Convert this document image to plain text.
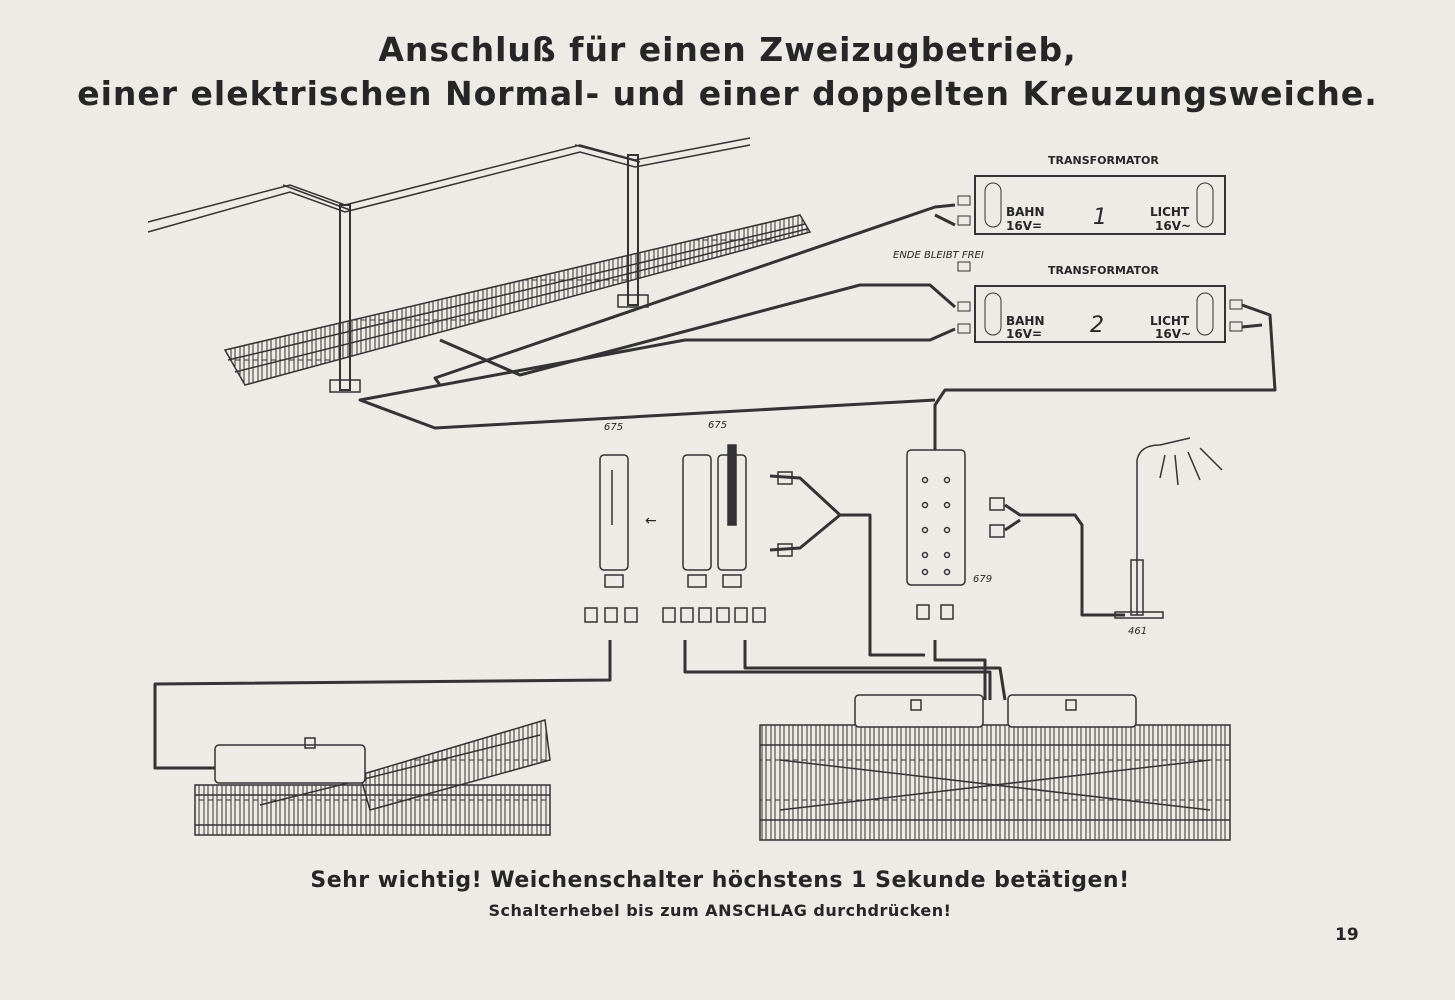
Anschluß für einen Zweizugbetrieb,
einer elektrischen Normal- und einer doppelten Kreuzungsweiche.
TRANSFORMATOR
BAHN
16V= 1	LICHT
16V~
ENDE BLEIBT FREI
TRANSFORMATOR
BAHN
16V= 2	LICHT
16V~
675
←
675
679
461
Sehr wichtig! Weichenschalter höchstens 1 Sekunde betätigen!
Schalterhebel bis zum ANSCHLAG durchdrücken!
19
